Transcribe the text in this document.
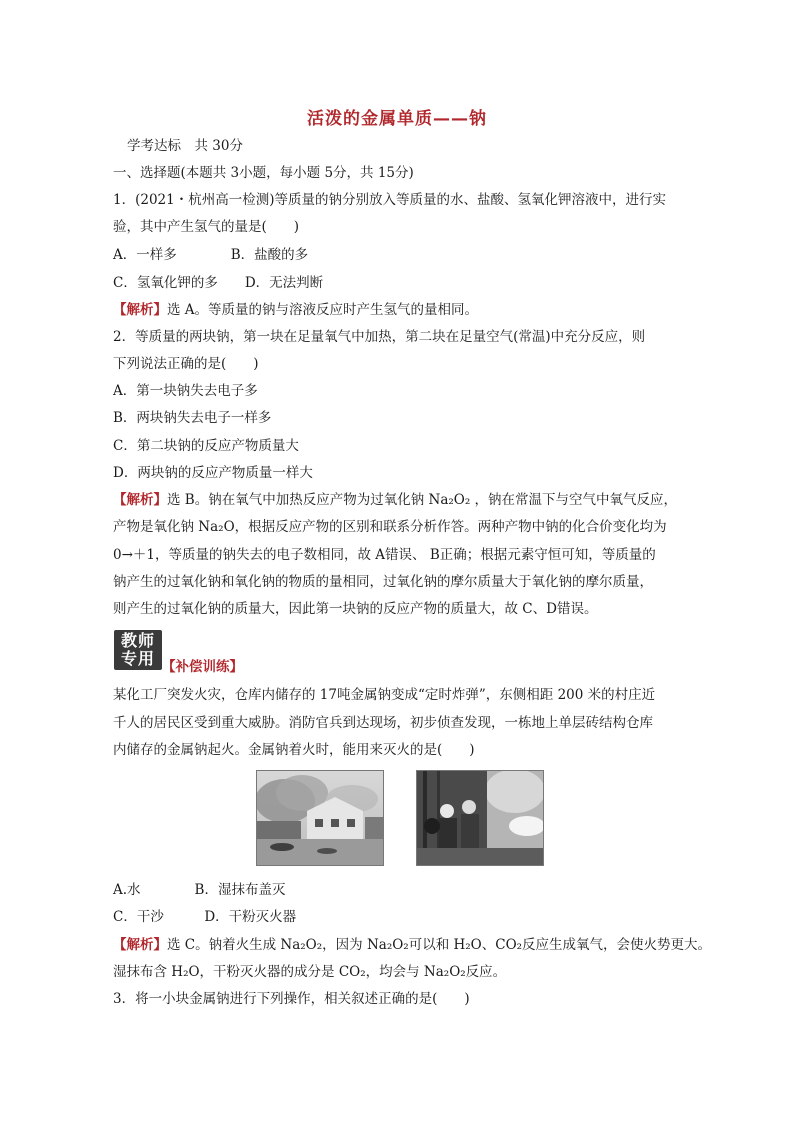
活泼的金属单质——钠
学考达标　共 30分
一、选择题(本题共 3小题，每小题 5分，共 15分)
1．(2021・杭州高一检测)等质量的钠分别放入等质量的水、盐酸、氢氧化钾溶液中，进行实
验，其中产生氢气的量是(　　)
A．一样多　　　　B．盐酸的多
C．氢氧化钾的多　　D．无法判断
【解析】选 A。等质量的钠与溶液反应时产生氢气的量相同。
2．等质量的两块钠，第一块在足量氧气中加热，第二块在足量空气(常温)中充分反应，则
下列说法正确的是(　　)
A．第一块钠失去电子多
B．两块钠失去电子一样多
C．第二块钠的反应产物质量大
D．两块钠的反应产物质量一样大
【解析】选 B。钠在氧气中加热反应产物为过氧化钠 Na₂O₂ ，钠在常温下与空气中氧气反应，
产物是氧化钠 Na₂O，根据反应产物的区别和联系分析作答。两种产物中钠的化合价变化均为
0→＋1，等质量的钠失去的电子数相同，故 A错误、 B正确；根据元素守恒可知，等质量的
钠产生的过氧化钠和氧化钠的物质的量相同，过氧化钠的摩尔质量大于氧化钠的摩尔质量，
则产生的过氧化钠的质量大，因此第一块钠的反应产物的质量大，故 C、D错误。
教师
专用 【补偿训练】
某化工厂突发火灾，仓库内储存的 17吨金属钠变成“定时炸弹”，东侧相距 200 米的村庄近
千人的居民区受到重大威胁。消防官兵到达现场，初步侦查发现，一栋地上单层砖结构仓库
内储存的金属钠起火。金属钠着火时，能用来灭火的是(　　)
A.水　　　　B．湿抹布盖灭
C．干沙　　　D．干粉灭火器
【解析】选 C。钠着火生成 Na₂O₂，因为 Na₂O₂可以和 H₂O、CO₂反应生成氧气，会使火势更大。
湿抹布含 H₂O，干粉灭火器的成分是 CO₂，均会与 Na₂O₂反应。
3．将一小块金属钠进行下列操作，相关叙述正确的是(　　)
